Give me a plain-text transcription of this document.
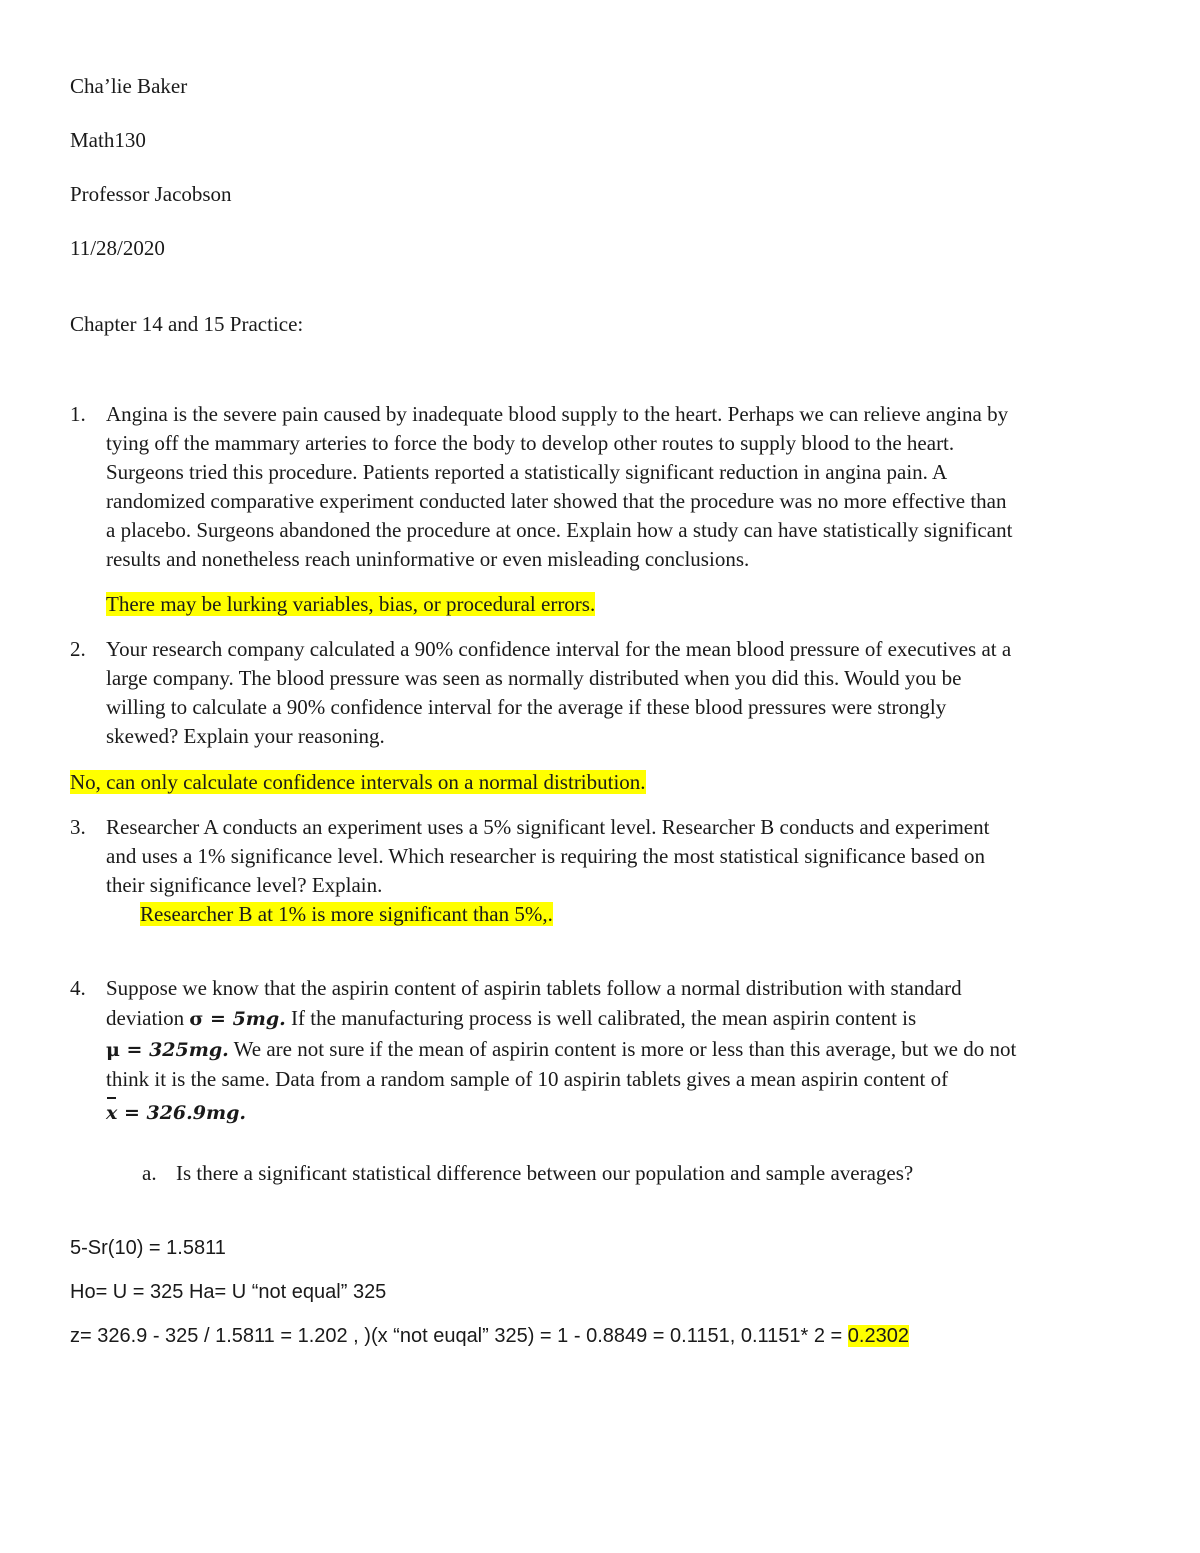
Cha’lie Baker
Math130
Professor Jacobson
11/28/2020
Chapter 14 and 15 Practice:
1. Angina is the severe pain caused by inadequate blood supply to the heart. Perhaps we can relieve angina by
tying off the mammary arteries to force the body to develop other routes to supply blood to the heart.
Surgeons tried this procedure. Patients reported a statistically significant reduction in angina pain. A
randomized comparative experiment conducted later showed that the procedure was no more effective than
a placebo. Surgeons abandoned the procedure at once. Explain how a study can have statistically significant
results and nonetheless reach uninformative or even misleading conclusions.
There may be lurking variables, bias, or procedural errors.
2. Your research company calculated a 90% confidence interval for the mean blood pressure of executives at a
large company. The blood pressure was seen as normally distributed when you did this. Would you be
willing to calculate a 90% confidence interval for the average if these blood pressures were strongly
skewed? Explain your reasoning.
No, can only calculate confidence intervals on a normal distribution.
3. Researcher A conducts an experiment uses a 5% significant level. Researcher B conducts and experiment
and uses a 1% significance level. Which researcher is requiring the most statistical significance based on
their significance level? Explain.
Researcher B at 1% is more significant than 5%,.
4. Suppose we know that the aspirin content of aspirin tablets follow a normal distribution with standard
deviation σ = 5mg. If the manufacturing process is well calibrated, the mean aspirin content is
μ = 325mg. We are not sure if the mean of aspirin content is more or less than this average, but we do not
think it is the same. Data from a random sample of 10 aspirin tablets gives a mean aspirin content of
x = 326.9mg.
a. Is there a significant statistical difference between our population and sample averages?
5-Sr(10) = 1.5811
Ho= U = 325 Ha= U “not equal” 325
z= 326.9 - 325 / 1.5811 = 1.202 , )(x “not euqal” 325) = 1 - 0.8849 = 0.1151, 0.1151* 2 = 0.2302
